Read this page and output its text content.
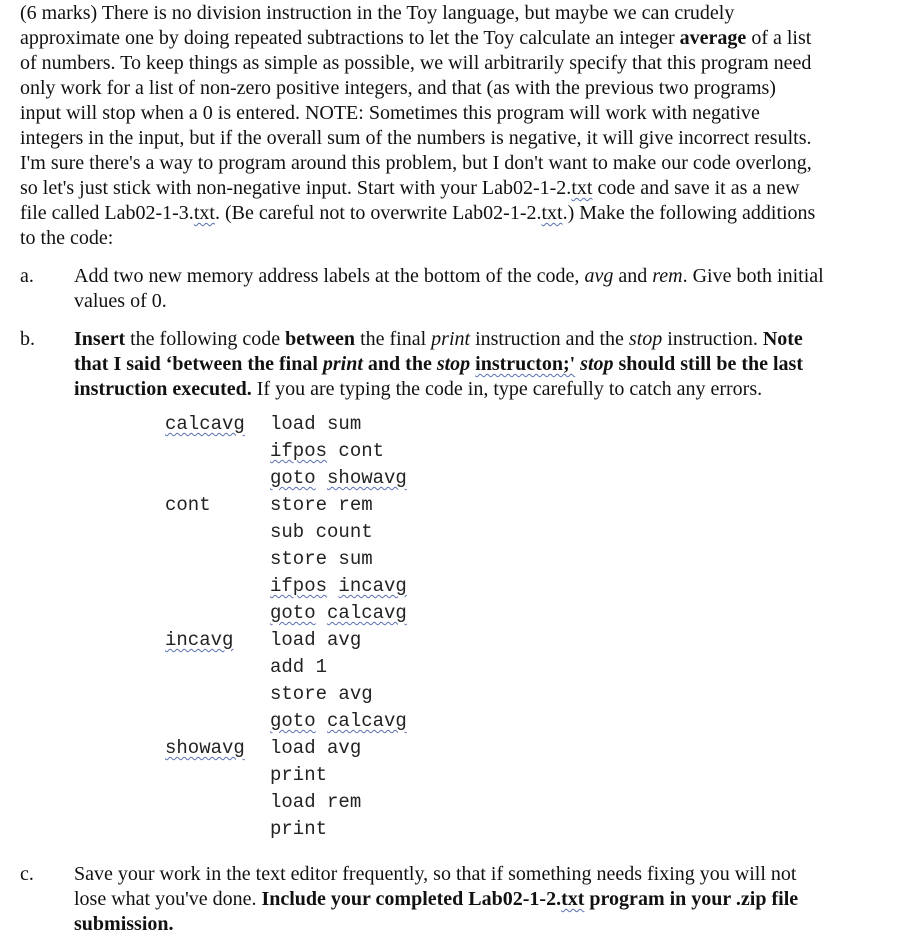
(6 marks) There is no division instruction in the Toy language, but maybe we can crudely
approximate one by doing repeated subtractions to let the Toy calculate an integer average of a list
of numbers. To keep things as simple as possible, we will arbitrarily specify that this program need
only work for a list of non-zero positive integers, and that (as with the previous two programs)
input will stop when a 0 is entered. NOTE: Sometimes this program will work with negative
integers in the input, but if the overall sum of the numbers is negative, it will give incorrect results.
I'm sure there's a way to program around this problem, but I don't want to make our code overlong,
so let's just stick with non-negative input. Start with your Lab02-1-2.txt code and save it as a new
file called Lab02-1-3.txt. (Be careful not to overwrite Lab02-1-2.txt.) Make the following additions
to the code:
a. Add two new memory address labels at the bottom of the code, avg and rem. Give both initial
values of 0.
b. Insert the following code between the final print instruction and the stop instruction. Note
that I said ‘between the final print and the stop instructon;' stop should still be the last
instruction executed. If you are typing the code in, type carefully to catch any errors.
calcavg load sum
ifpos cont
goto showavg
cont	store rem
sub count
store sum
ifpos incavg
goto calcavg
incavg load avg
add 1
store avg
goto calcavg
showavg load avg
print
load rem
print
c. Save your work in the text editor frequently, so that if something needs fixing you will not
lose what you've done. Include your completed Lab02-1-2.txt program in your .zip file
submission.
